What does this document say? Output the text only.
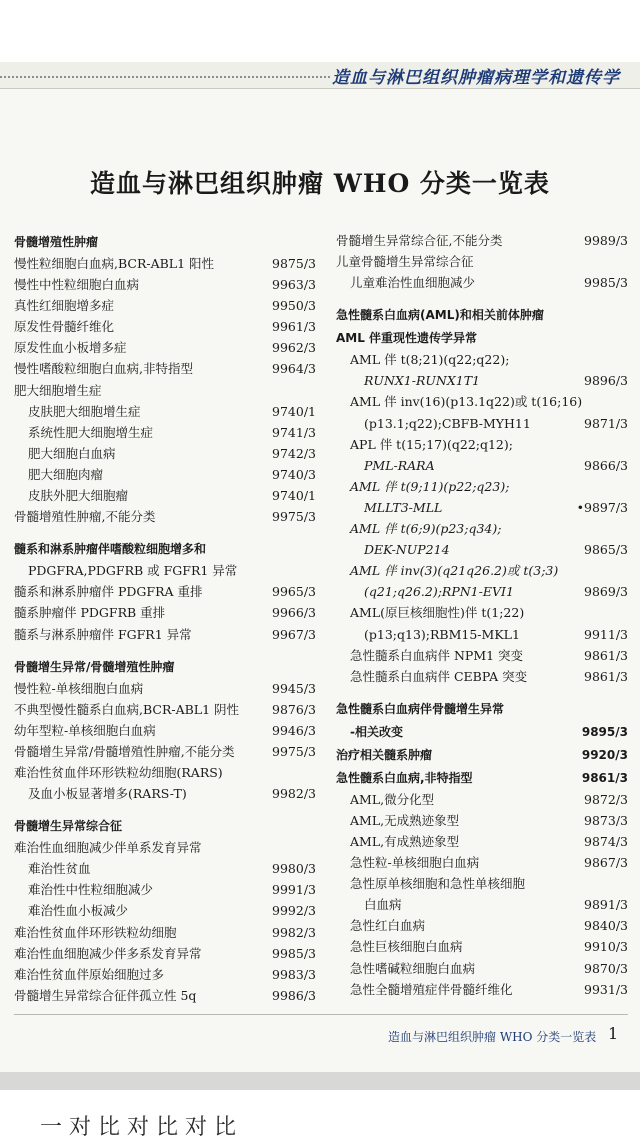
造血与淋巴组织肿瘤病理学和遗传学
造血与淋巴组织肿瘤 WHO 分类一览表
骨髓增殖性肿瘤
慢性粒细胞白血病,BCR-ABL1 阳性	9875/3
慢性中性粒细胞白血病	9963/3
真性红细胞增多症	9950/3
原发性骨髓纤维化	9961/3
原发性血小板增多症	9962/3
慢性嗜酸粒细胞白血病,非特指型	9964/3
肥大细胞增生症
皮肤肥大细胞增生症	9740/1
系统性肥大细胞增生症	9741/3
肥大细胞白血病	9742/3
肥大细胞肉瘤	9740/3
皮肤外肥大细胞瘤	9740/1
骨髓增殖性肿瘤,不能分类	9975/3
髓系和淋系肿瘤伴嗜酸粒细胞增多和
PDGFRA,PDGFRB 或 FGFR1 异常
髓系和淋系肿瘤伴 PDGFRA 重排	9965/3
髓系肿瘤伴 PDGFRB 重排	9966/3
髓系与淋系肿瘤伴 FGFR1 异常	9967/3
骨髓增生异常/骨髓增殖性肿瘤
慢性粒-单核细胞白血病	9945/3
不典型慢性髓系白血病,BCR-ABL1 阴性	9876/3
幼年型粒-单核细胞白血病	9946/3
骨髓增生异常/骨髓增殖性肿瘤,不能分类	9975/3
难治性贫血伴环形铁粒幼细胞(RARS)
及血小板显著增多(RARS-T)	9982/3
骨髓增生异常综合征
难治性血细胞减少伴单系发育异常
难治性贫血	9980/3
难治性中性粒细胞减少	9991/3
难治性血小板减少	9992/3
难治性贫血伴环形铁粒幼细胞	9982/3
难治性血细胞减少伴多系发育异常	9985/3
难治性贫血伴原始细胞过多	9983/3
骨髓增生异常综合征伴孤立性 5q	9986/3
骨髓增生异常综合征,不能分类	9989/3
儿童骨髓增生异常综合征
儿童难治性血细胞减少	9985/3
急性髓系白血病(AML)和相关前体肿瘤
AML 伴重现性遗传学异常
AML 伴 t(8;21)(q22;q22);
RUNX1-RUNX1T1	9896/3
AML 伴 inv(16)(p13.1q22)或 t(16;16)
(p13.1;q22);CBFB-MYH11	9871/3
APL 伴 t(15;17)(q22;q12);
PML-RARA	9866/3
AML 伴 t(9;11)(p22;q23);
MLLT3-MLL	•9897/3
AML 伴 t(6;9)(p23;q34);
DEK-NUP214	9865/3
AML 伴 inv(3)(q21q26.2)或 t(3;3)
(q21;q26.2);RPN1-EVI1	9869/3
AML(原巨核细胞性)伴 t(1;22)
(p13;q13);RBM15-MKL1	9911/3
急性髓系白血病伴 NPM1 突变	9861/3
急性髓系白血病伴 CEBPA 突变	9861/3
急性髓系白血病伴骨髓增生异常
-相关改变	9895/3
治疗相关髓系肿瘤	9920/3
急性髓系白血病,非特指型	9861/3
AML,微分化型	9872/3
AML,无成熟迹象型	9873/3
AML,有成熟迹象型	9874/3
急性粒-单核细胞白血病	9867/3
急性原单核细胞和急性单核细胞
白血病	9891/3
急性红白血病	9840/3
急性巨核细胞白血病	9910/3
急性嗜碱粒细胞白血病	9870/3
急性全髓增殖症伴骨髓纤维化	9931/3
造血与淋巴组织肿瘤 WHO 分类一览表 1
一 对 比 对 比 对 比
